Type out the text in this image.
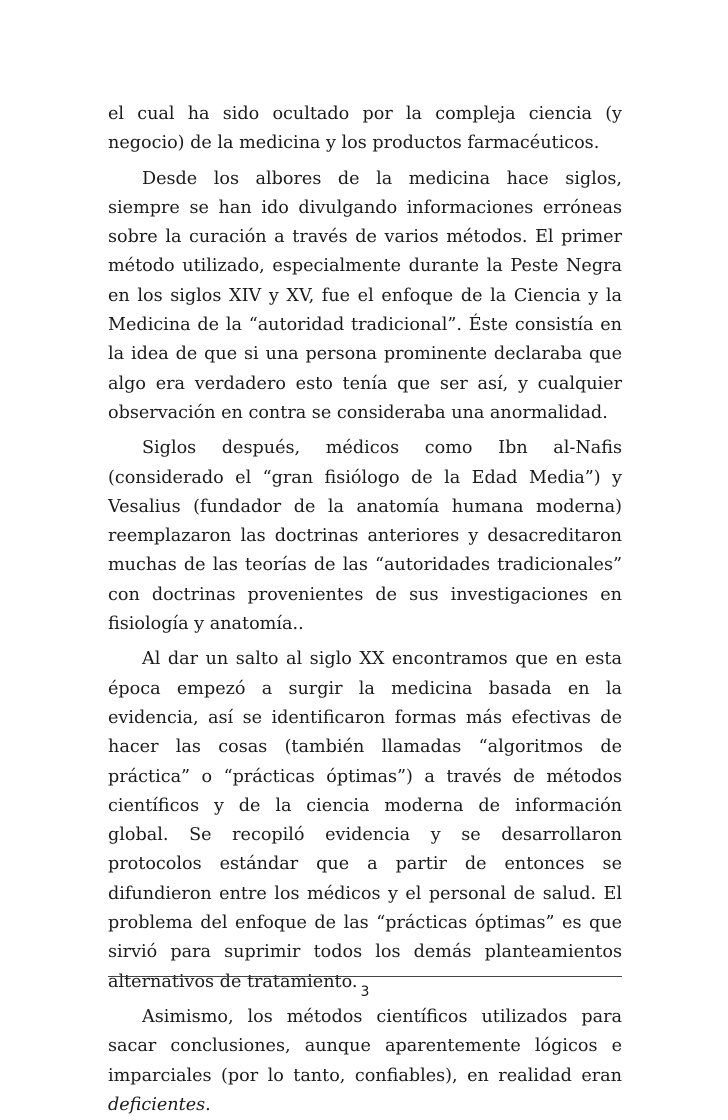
el cual ha sido ocultado por la compleja ciencia (y negocio) de la medicina y los productos farmacéuticos.

Desde los albores de la medicina hace siglos, siempre se han ido divulgando informaciones erróneas sobre la curación a través de varios métodos. El primer método utilizado, especialmente durante la Peste Negra en los siglos XIV y XV, fue el enfoque de la Ciencia y la Medicina de la “autoridad tradicional”. Éste consistía en la idea de que si una persona prominente declaraba que algo era verdadero esto tenía que ser así, y cualquier observación en contra se consideraba una anormalidad.

Siglos después, médicos como Ibn al-Nafis (considerado el “gran fisiólogo de la Edad Media”) y Vesalius (fundador de la anatomía humana moderna) reemplazaron las doctrinas anteriores y desacreditaron muchas de las teorías de las “autoridades tradicionales” con doctrinas provenientes de sus investigaciones en fisiología y anatomía..

Al dar un salto al siglo XX encontramos que en esta época empezó a surgir la medicina basada en la evidencia, así se identificaron formas más efectivas de hacer las cosas (también llamadas “algoritmos de práctica” o “prácticas óptimas”) a través de métodos científicos y de la ciencia moderna de información global. Se recopiló evidencia y se desarrollaron protocolos estándar que a partir de entonces se difundieron entre los médicos y el personal de salud. El problema del enfoque de las “prácticas óptimas” es que sirvió para suprimir todos los demás planteamientos alternativos de tratamiento.

Asimismo, los métodos científicos utilizados para sacar conclusiones, aunque aparentemente lógicos e imparciales (por lo tanto, confiables), en realidad eran deficientes.

3
